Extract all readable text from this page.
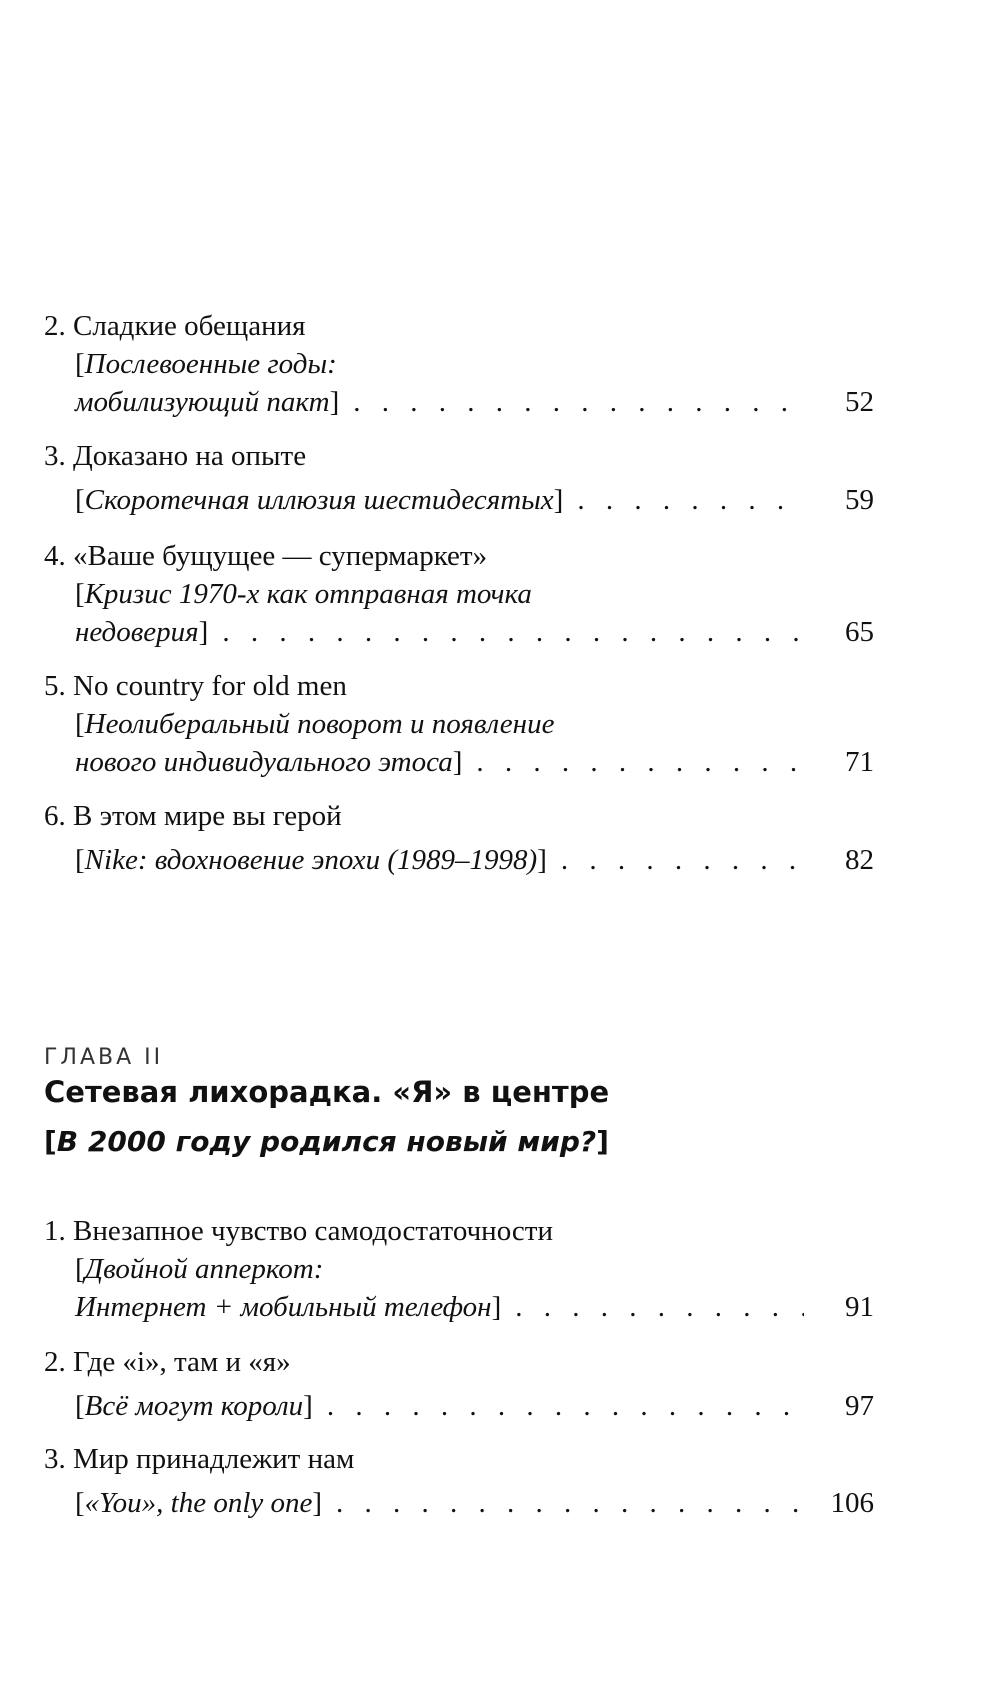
2. Сладкие обещания
[Послевоенные годы:
мобилизующий пакт] . . .	52
3. Доказано на опыте
[Скоротечная иллюзия шестидесятых] . . .	59
4. «Ваше бущущее — супермаркет»
[Кризис 1970-х как отправная точка
недоверия] . . .	65
5. No country for old men
[Неолиберальный поворот и появление
нового индивидуального этоса] . . .	71
6. В этом мире вы герой
[Nike: вдохновение эпохи (1989–1998)] . . .	82
ГЛАВА II
Сетевая лихорадка. «Я» в центре
[В 2000 году родился новый мир?]
1. Внезапное чувство самодостаточности
[Двойной апперкот:
Интернет + мобильный телефон] . . .	91
2. Где «i», там и «я»
[Всё могут короли] . . .	97
3. Мир принадлежит нам
[«You», the only one] . . .	106
